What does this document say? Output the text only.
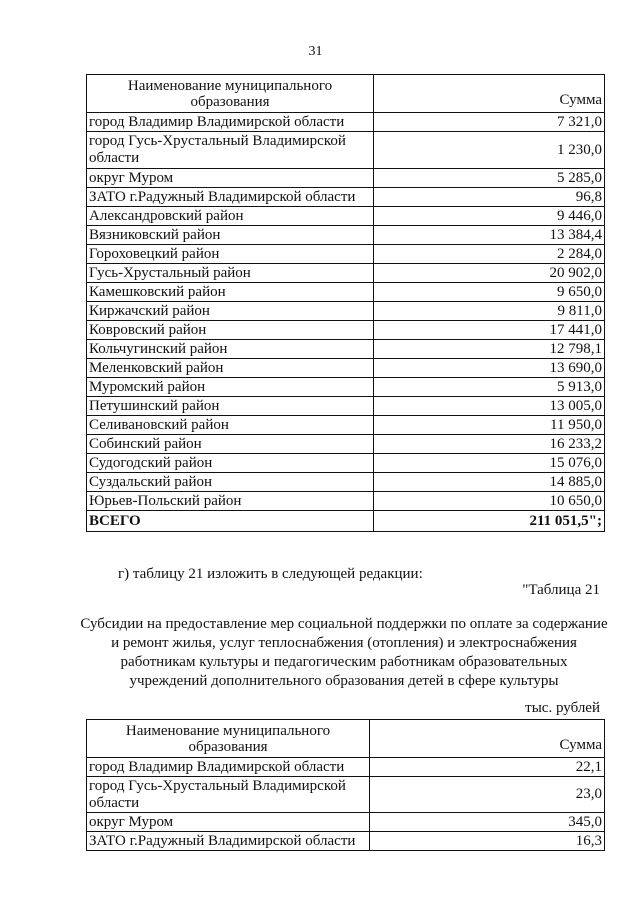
31
Наименование муниципального образования	Сумма
город Владимир Владимирской области	7 321,0
город Гусь-Хрустальный Владимирской области	1 230,0
округ Муром	5 285,0
ЗАТО г.Радужный Владимирской области	96,8
Александровский район	9 446,0
Вязниковский район	13 384,4
Гороховецкий район	2 284,0
Гусь-Хрустальный район	20 902,0
Камешковский район	9 650,0
Киржачский район	9 811,0
Ковровский район	17 441,0
Кольчугинский район	12 798,1
Меленковский район	13 690,0
Муромский район	5 913,0
Петушинский район	13 005,0
Селивановский район	11 950,0
Собинский район	16 233,2
Судогодский район	15 076,0
Суздальский район	14 885,0
Юрьев-Польский район	10 650,0
ВСЕГО	211 051,5";
г) таблицу 21 изложить в следующей редакции:
"Таблица 21
Субсидии на предоставление мер социальной поддержки по оплате за содержание и ремонт жилья, услуг теплоснабжения (отопления) и электроснабжения работникам культуры и педагогическим работникам образовательных учреждений дополнительного образования детей в сфере культуры
тыс. рублей
Наименование муниципального образования	Сумма
город Владимир Владимирской области	22,1
город Гусь-Хрустальный Владимирской области	23,0
округ Муром	345,0
ЗАТО г.Радужный Владимирской области	16,3
